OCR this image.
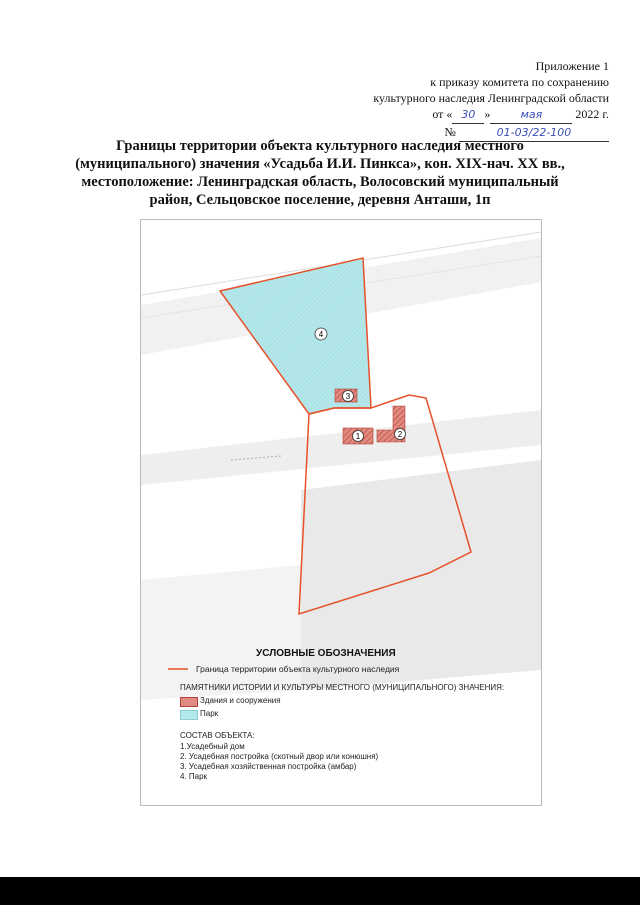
Приложение 1
к приказу комитета по сохранению
культурного наследия Ленинградской области
от « 30 »	мая	2022 г.
№	01-03/22-100
Границы территории объекта культурного наследия местного
(муниципального) значения «Усадьба И.И. Пинкса», кон. XIX-нач. XX вв.,
местоположение: Ленинградская область, Волосовский муниципальный
район, Сельцовское поселение, деревня Анташи, 1п
4
3
1	2
УСЛОВНЫЕ ОБОЗНАЧЕНИЯ
Граница территории объекта культурного наследия
ПАМЯТНИКИ ИСТОРИИ И КУЛЬТУРЫ МЕСТНОГО (МУНИЦИПАЛЬНОГО) ЗНАЧЕНИЯ:
Здания и сооружения
Парк
СОСТАВ ОБЪЕКТА:
1.Усадебный дом
2. Усадебная постройка (скотный двор или конюшня)
3. Усадебная хозяйственная постройка (амбар)
4. Парк
